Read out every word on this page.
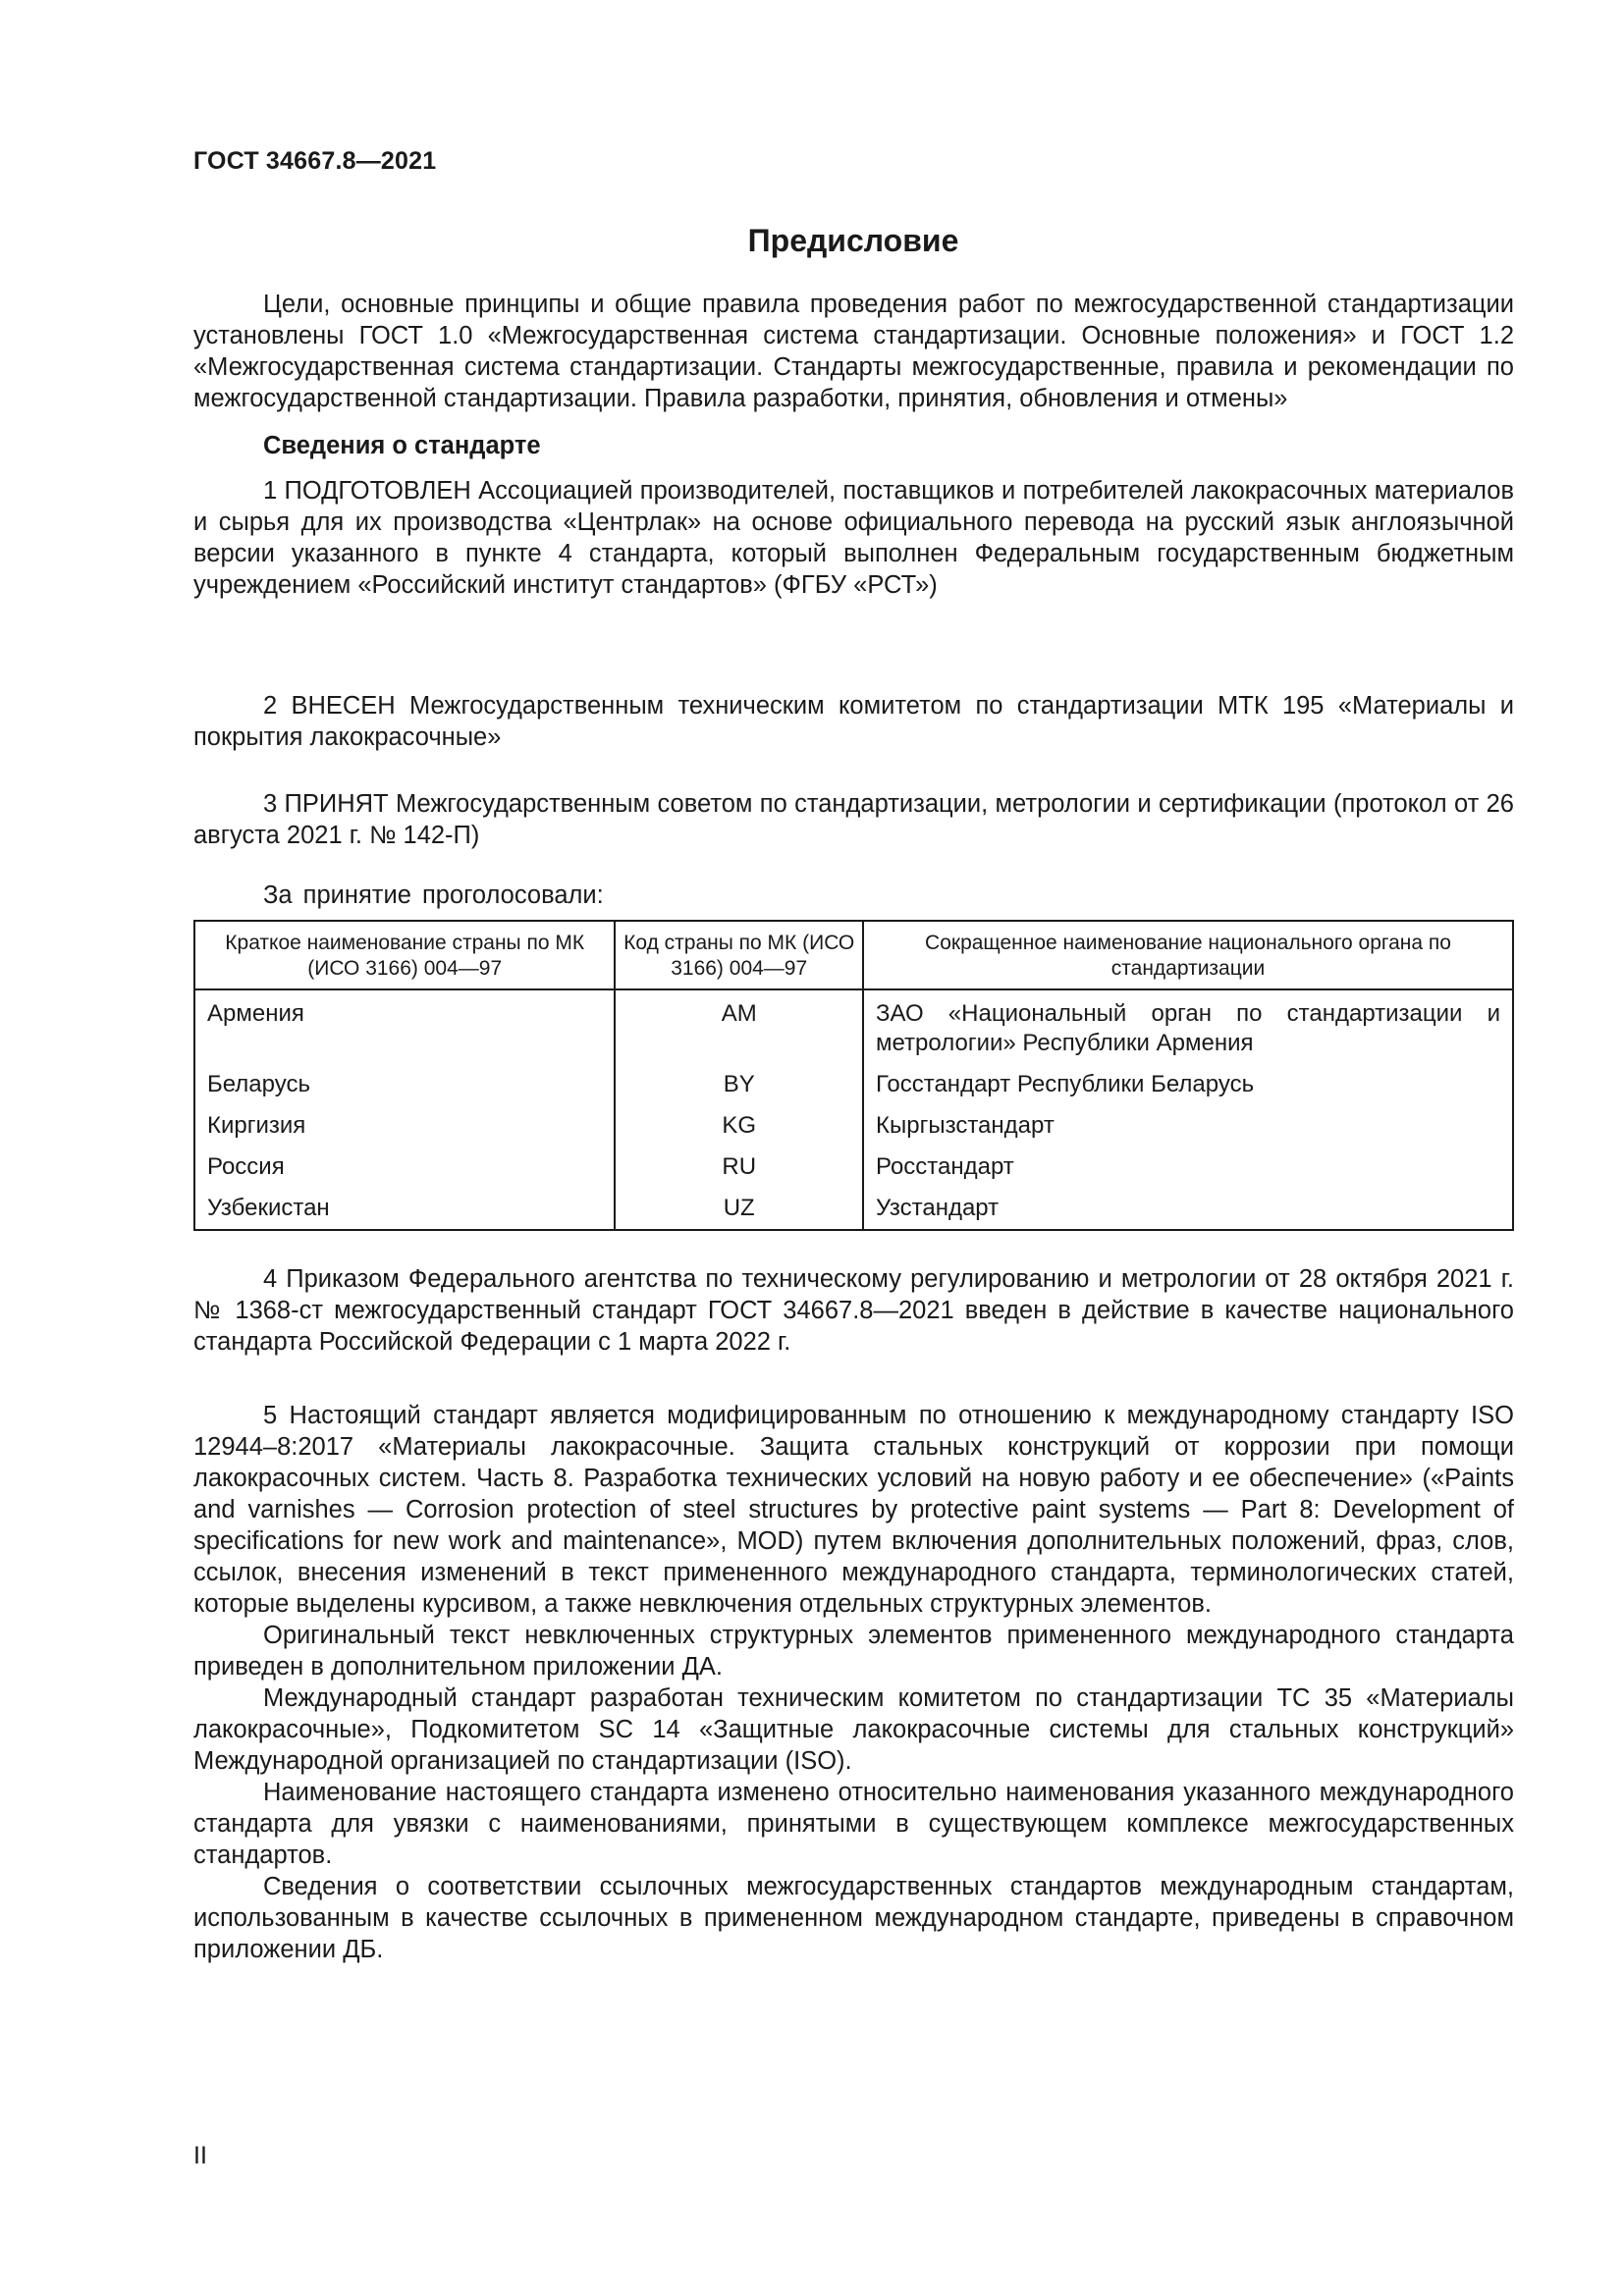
ГОСТ 34667.8—2021
Предисловие

Цели, основные принципы и общие правила проведения работ по межгосударственной стандартизации установлены ГОСТ 1.0 «Межгосударственная система стандартизации. Основные положения» и ГОСТ 1.2 «Межгосударственная система стандартизации. Стандарты межгосударственные, правила и рекомендации по межгосударственной стандартизации. Правила разработки, принятия, обновления и отмены»

Сведения о стандарте

1 ПОДГОТОВЛЕН Ассоциацией производителей, поставщиков и потребителей лакокрасочных материалов и сырья для их производства «Центрлак» на основе официального перевода на русский язык англоязычной версии указанного в пункте 4 стандарта, который выполнен Федеральным государственным бюджетным учреждением «Российский институт стандартов» (ФГБУ «РСТ»)

2 ВНЕСЕН Межгосударственным техническим комитетом по стандартизации МТК 195 «Материалы и покрытия лакокрасочные»

3 ПРИНЯТ Межгосударственным советом по стандартизации, метрологии и сертификации (протокол от 26 августа 2021 г. № 142-П)

За принятие проголосовали:
Краткое наименование страны по МК (ИСО 3166) 004—97	Код страны по МК (ИСО 3166) 004—97	Сокращенное наименование национального органа по стандартизации
Армения	AM	ЗАО «Национальный орган по стандартизации и метрологии» Республики Армения
Беларусь	BY	Госстандарт Республики Беларусь
Киргизия	KG	Кыргызстандарт
Россия	RU	Росстандарт
Узбекистан	UZ	Узстандарт

4 Приказом Федерального агентства по техническому регулированию и метрологии от 28 октября 2021 г. № 1368-ст межгосударственный стандарт ГОСТ 34667.8—2021 введен в действие в качестве национального стандарта Российской Федерации с 1 марта 2022 г.

5 Настоящий стандарт является модифицированным по отношению к международному стандарту ISO 12944–8:2017 «Материалы лакокрасочные. Защита стальных конструкций от коррозии при помощи лакокрасочных систем. Часть 8. Разработка технических условий на новую работу и ее обеспечение» («Paints and varnishes — Corrosion protection of steel structures by protective paint systems — Part 8: Development of specifications for new work and maintenance», MOD) путем включения дополнительных положений, фраз, слов, ссылок, внесения изменений в текст примененного международного стандарта, терминологических статей, которые выделены курсивом, а также невключения отдельных структурных элементов.

Оригинальный текст невключенных структурных элементов примененного международного стандарта приведен в дополнительном приложении ДА.

Международный стандарт разработан техническим комитетом по стандартизации ТС 35 «Материалы лакокрасочные», Подкомитетом SC 14 «Защитные лакокрасочные системы для стальных конструкций» Международной организацией по стандартизации (ISO).

Наименование настоящего стандарта изменено относительно наименования указанного международного стандарта для увязки с наименованиями, принятыми в существующем комплексе межгосударственных стандартов.

Сведения о соответствии ссылочных межгосударственных стандартов международным стандартам, использованным в качестве ссылочных в примененном международном стандарте, приведены в справочном приложении ДБ.

II
